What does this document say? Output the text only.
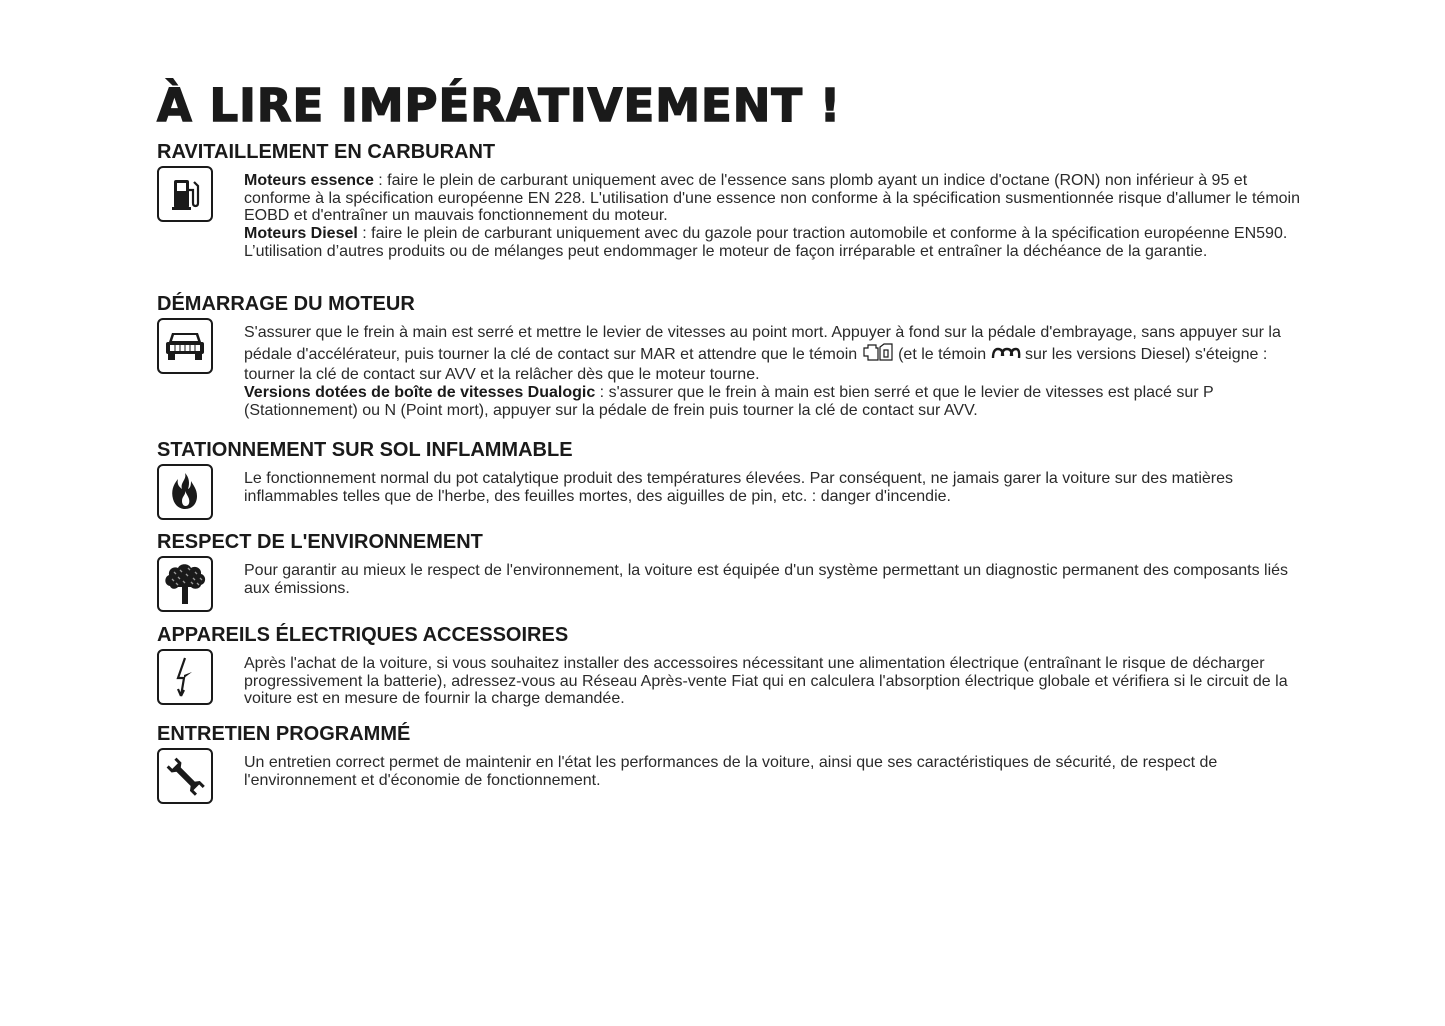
À LIRE IMPÉRATIVEMENT !
RAVITAILLEMENT EN CARBURANT

Moteurs essence : faire le plein de carburant uniquement avec de l'essence sans plomb ayant un indice d'octane (RON) non inférieur à 95 et conforme à la spécification européenne EN 228. L'utilisation d'une essence non conforme à la spécification susmentionnée risque d'allumer le témoin EOBD et d'entraîner un mauvais fonctionnement du moteur.

Moteurs Diesel : faire le plein de carburant uniquement avec du gazole pour traction automobile et conforme à la spécification européenne EN590. L’utilisation d’autres produits ou de mélanges peut endommager le moteur de façon irréparable et entraîner la déchéance de la garantie.

DÉMARRAGE DU MOTEUR

S'assurer que le frein à main est serré et mettre le levier de vitesses au point mort. Appuyer à fond sur la pédale d'embrayage, sans appuyer sur la pédale d'accélérateur, puis tourner la clé de contact sur MAR et attendre que le témoin  (et le témoin  sur les versions Diesel) s'éteigne : tourner la clé de contact sur AVV et la relâcher dès que le moteur tourne.

Versions dotées de boîte de vitesses Dualogic : s'assurer que le frein à main est bien serré et que le levier de vitesses est placé sur P (Stationnement) ou N (Point mort), appuyer sur la pédale de frein puis tourner la clé de contact sur AVV.

STATIONNEMENT SUR SOL INFLAMMABLE

Le fonctionnement normal du pot catalytique produit des températures élevées. Par conséquent, ne jamais garer la voiture sur des matières inflammables telles que de l'herbe, des feuilles mortes, des aiguilles de pin, etc. : danger d'incendie.

RESPECT DE L'ENVIRONNEMENT

Pour garantir au mieux le respect de l'environnement, la voiture est équipée d'un système permettant un diagnostic permanent des composants liés aux émissions.

APPAREILS ÉLECTRIQUES ACCESSOIRES

Après l'achat de la voiture, si vous souhaitez installer des accessoires nécessitant une alimentation électrique (entraînant le risque de décharger progressivement la batterie), adressez-vous au Réseau Après-vente Fiat qui en calculera l'absorption électrique globale et vérifiera si le circuit de la voiture est en mesure de fournir la charge demandée.

ENTRETIEN PROGRAMMÉ

Un entretien correct permet de maintenir en l'état les performances de la voiture, ainsi que ses caractéristiques de sécurité, de respect de l'environnement et d'économie de fonctionnement.
